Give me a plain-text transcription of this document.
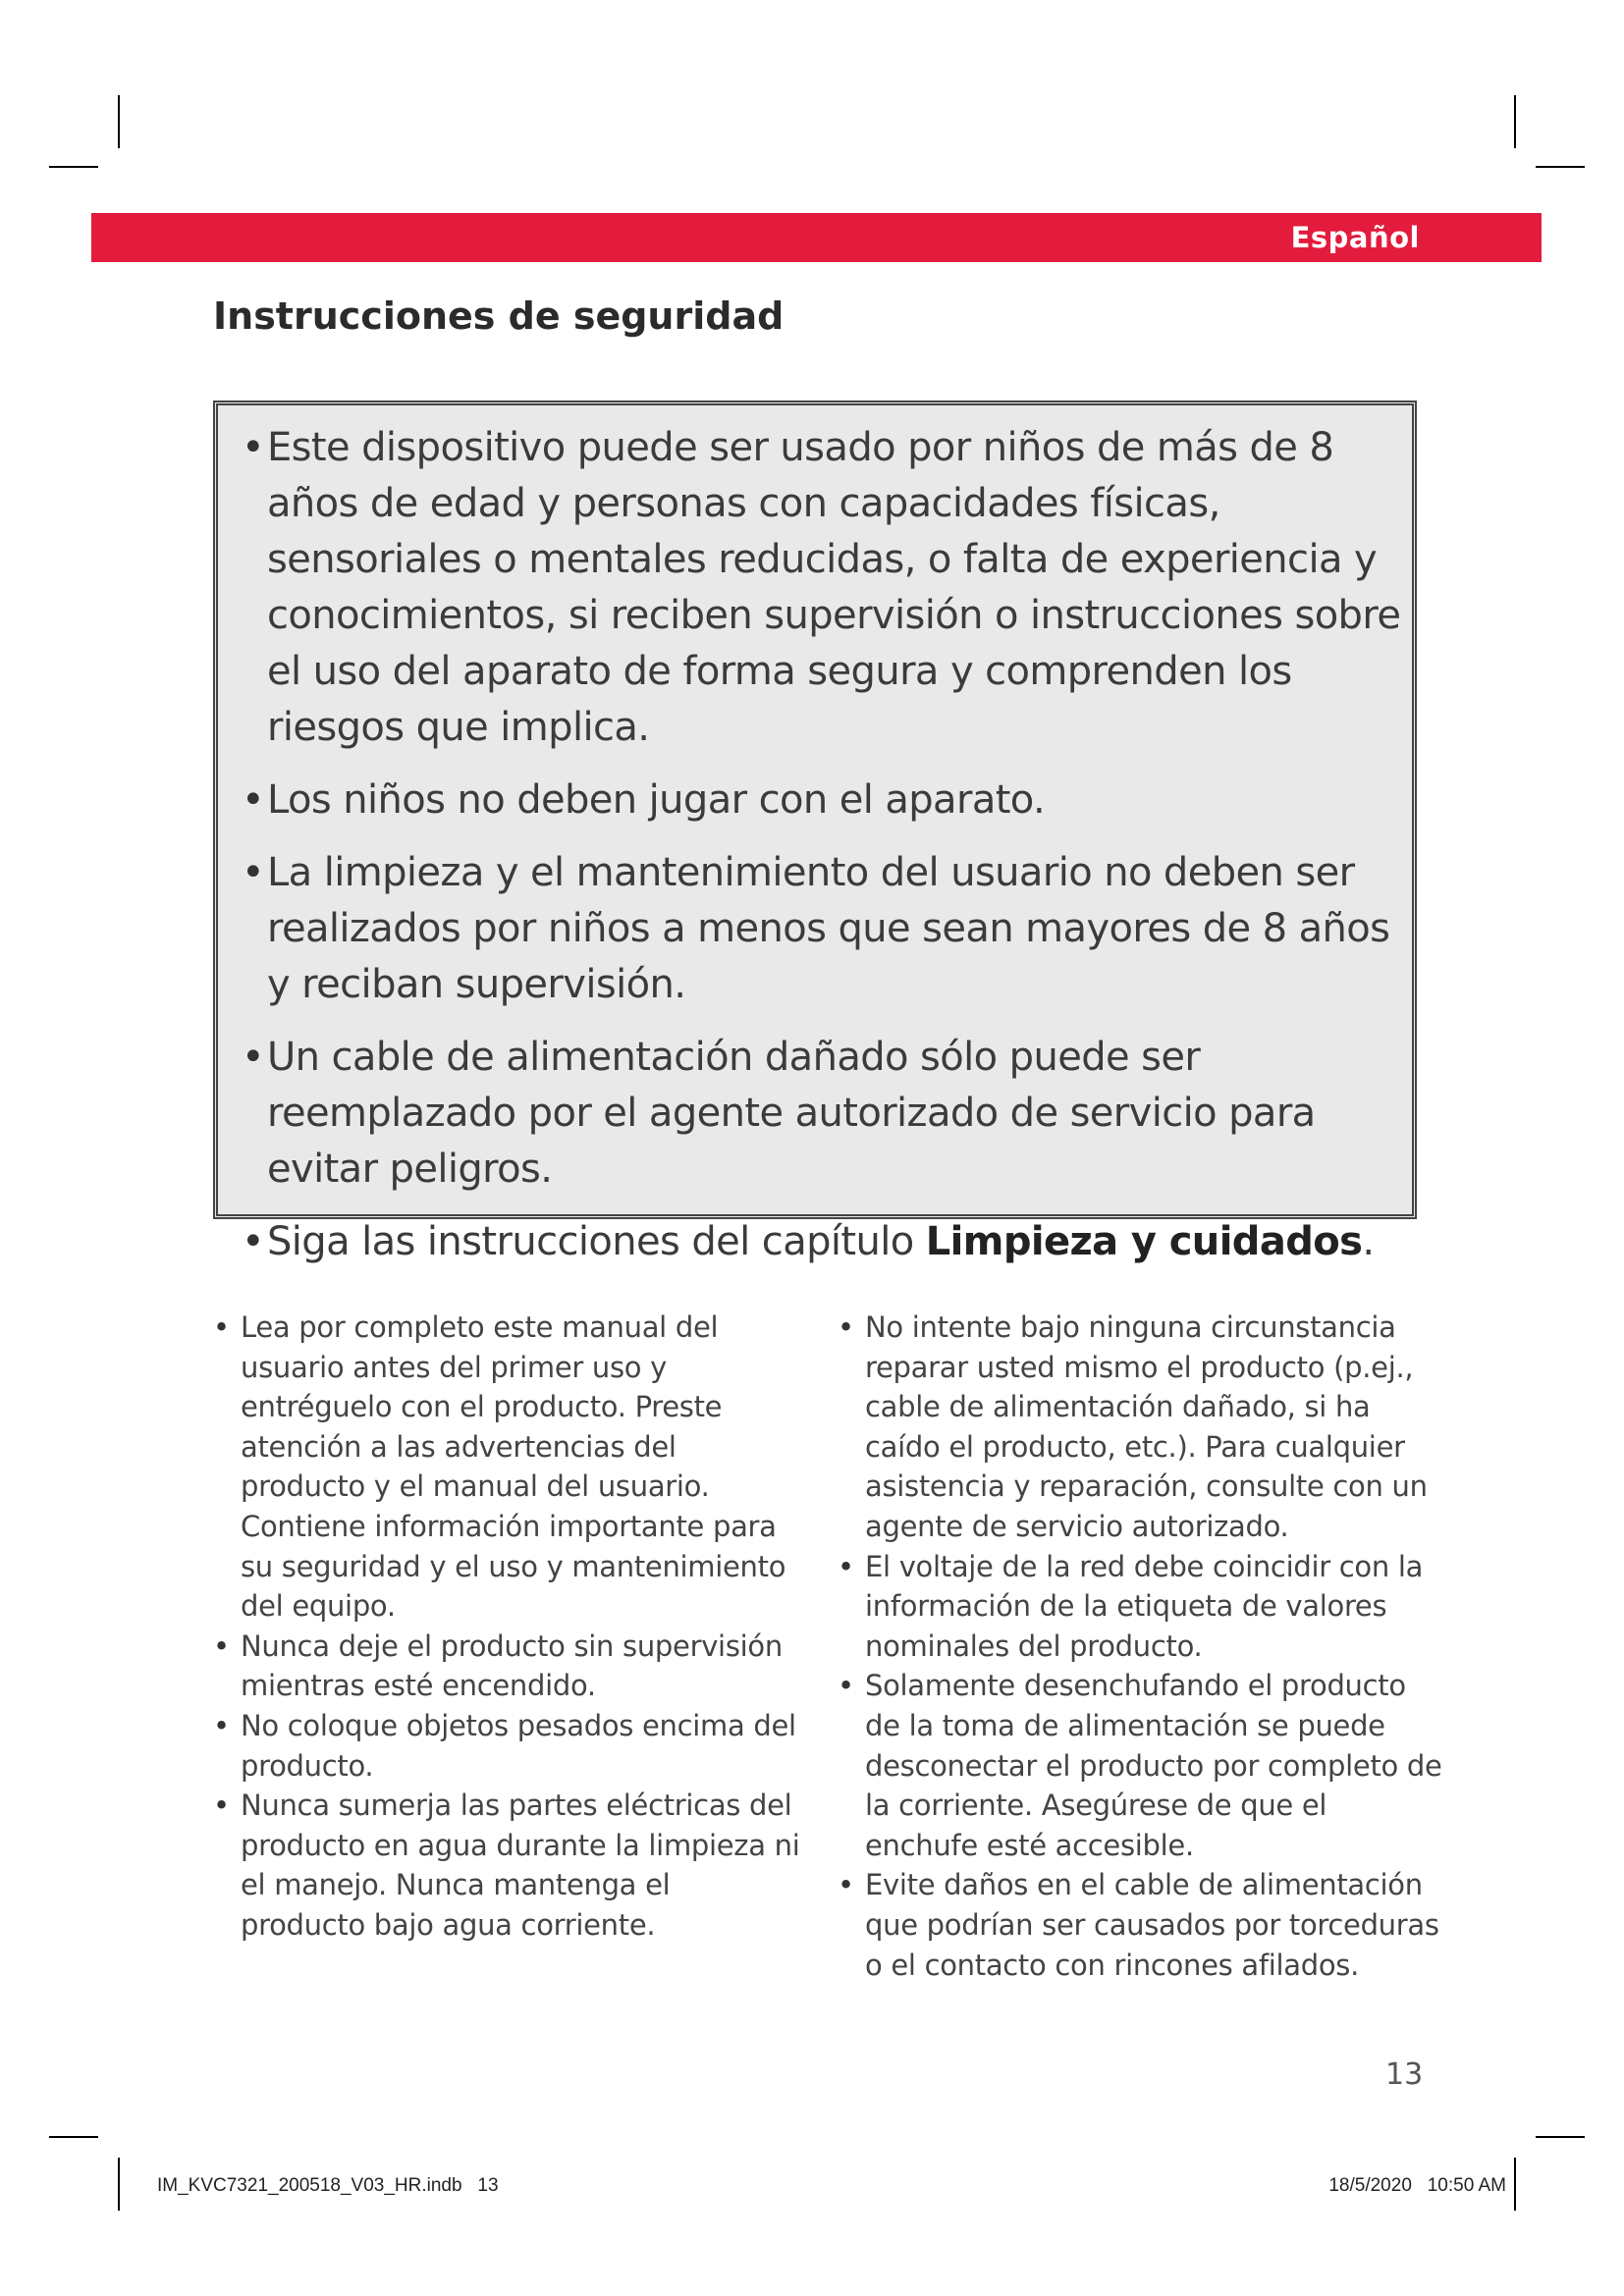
Español
Instrucciones de seguridad
• Este dispositivo puede ser usado por niños de más de 8 años de edad y personas con capacidades físicas, sensoriales o mentales reducidas, o falta de experiencia y conocimientos, si reciben supervisión o instrucciones sobre el uso del aparato de forma segura y comprenden los riesgos que implica.
• Los niños no deben jugar con el aparato.
• La limpieza y el mantenimiento del usuario no deben ser realizados por niños a menos que sean mayores de 8 años y reciban supervisión.
• Un cable de alimentación dañado sólo puede ser reemplazado por el agente autorizado de servicio para evitar peligros.
• Siga las instrucciones del capítulo Limpieza y cuidados.
• Lea por completo este manual del usuario antes del primer uso y entréguelo con el producto. Preste atención a las advertencias del producto y el manual del usuario. Contiene información importante para su seguridad y el uso y mantenimiento del equipo.
• Nunca deje el producto sin supervisión mientras esté encendido.
• No coloque objetos pesados encima del producto.
• Nunca sumerja las partes eléctricas del producto en agua durante la limpieza ni el manejo. Nunca mantenga el producto bajo agua corriente.
• No intente bajo ninguna circunstancia reparar usted mismo el producto (p.ej., cable de alimentación dañado, si ha caído el producto, etc.). Para cualquier asistencia y reparación, consulte con un agente de servicio autorizado.
• El voltaje de la red debe coincidir con la información de la etiqueta de valores nominales del producto.
• Solamente desenchufando el producto de la toma de alimentación se puede desconectar el producto por completo de la corriente. Asegúrese de que el enchufe esté accesible.
• Evite daños en el cable de alimentación que podrían ser causados por torceduras o el contacto con rincones afilados.
13
IM_KVC7321_200518_V03_HR.indb   13	18/5/2020   10:50 AM
